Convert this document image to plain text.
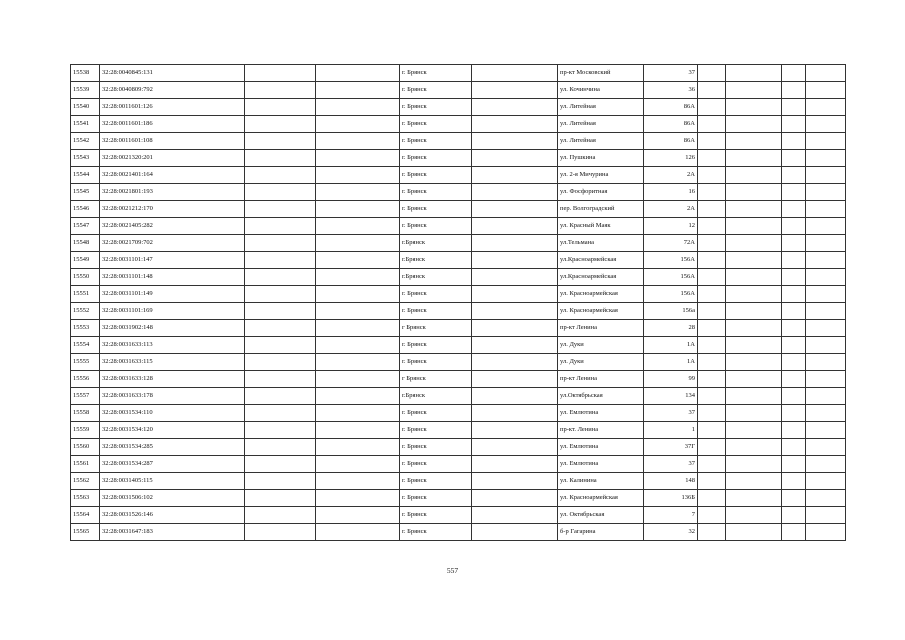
15538	32:28:0040845:131			г. Брянск		пр-кт Московский	37				
15539	32:28:0040809:792			г. Брянск		ул. Кочинчина	36				
15540	32:28:0011601:126			г. Брянск		ул. Литейная	86А				
15541	32:28:0011601:186			г. Брянск		ул. Литейная	86А				
15542	32:28:0011601:108			г. Брянск		ул. Литейная	86А				
15543	32:28:0021320:201			г. Брянск		ул. Пушкина	126				
15544	32:28:0021401:164			г. Брянск		ул. 2-я Мичурина	2А				
15545	32:28:0021801:193			г. Брянск		ул. Фосфоритная	16				
15546	32:28:0021212:170			г. Брянск		пер. Волгоградский	2А				
15547	32:28:0021405:282			г. Брянск		ул. Красный Маяк	12				
15548	32:28:0021709:702			г.Брянск		ул.Тельмана	72А				
15549	32:28:0031101:147			г.Брянск		ул.Красноармейская	156А				
15550	32:28:0031101:148			г.Брянск		ул.Красноармейская	156А				
15551	32:28:0031101:149			г. Брянск		ул. Красноармейская	156А				
15552	32:28:0031101:169			г. Брянск		ул. Красноармейская	156а				
15553	32:28:0031902:148			г Брянск		пр-кт Ленина	28				
15554	32:28:0031633:113			г. Брянск		ул. Дуки	1А				
15555	32:28:0031633:115			г. Брянск		ул. Дуки	1А				
15556	32:28:0031633:128			г Брянск		пр-кт Ленина	99				
15557	32:28:0031633:178			г.Брянск		ул.Октябрьская	134				
15558	32:28:0031534:110			г. Брянск		ул. Емлютина	37				
15559	32:28:0031534:120			г. Брянск		пр-кт. Ленина	1				
15560	32:28:0031534:285			г. Брянск		ул. Емлютина	37Г				
15561	32:28:0031534:287			г. Брянск		ул. Емлютина	37				
15562	32:28:0031405:115			г. Брянск		ул. Калинина	148				
15563	32:28:0031506:102			г. Брянск		ул. Красноармейская	136Б				
15564	32:28:0031526:146			г. Брянск		ул. Октябрьская	7				
15565	32:28:0031647:183			г. Брянск		б-р Гагарина	32				
557
